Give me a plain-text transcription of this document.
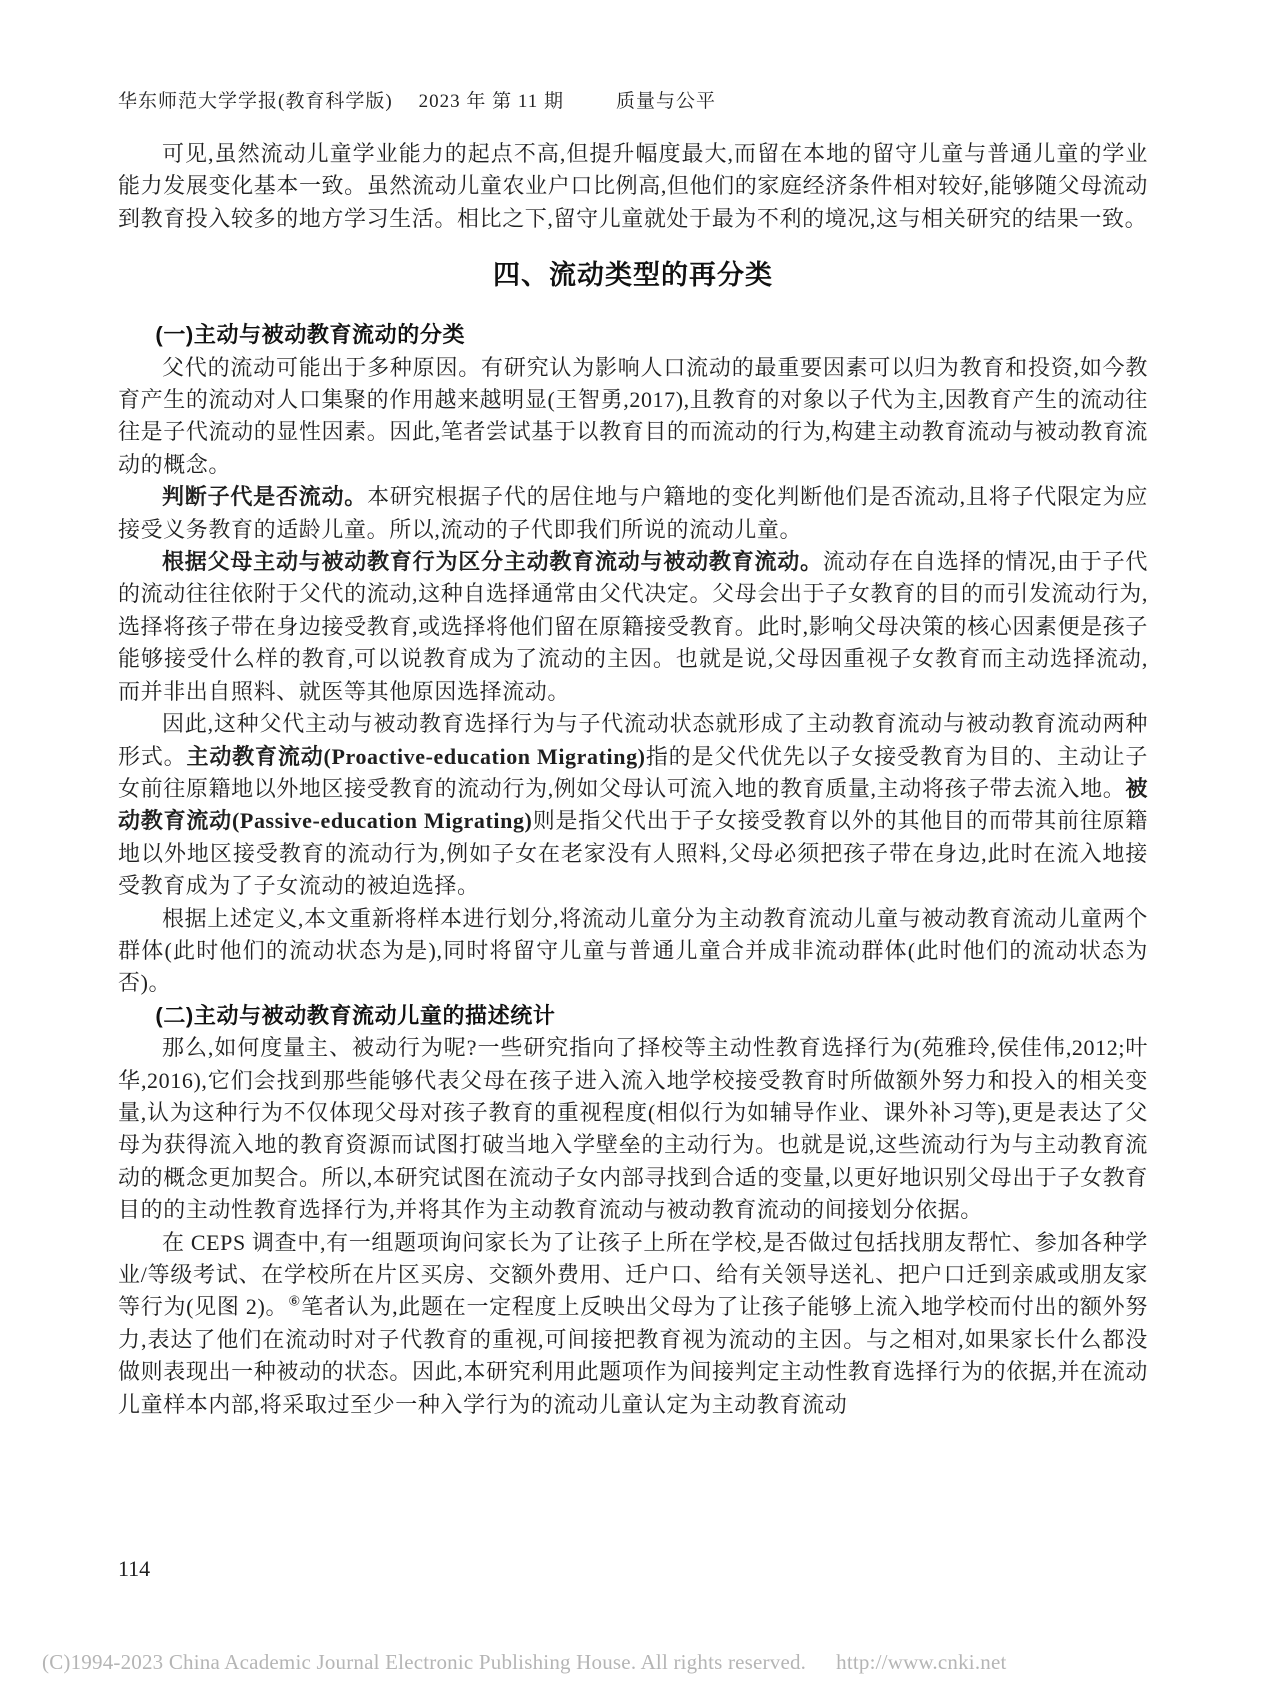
华东师范大学学报(教育科学版) 2023 年 第 11 期	质量与公平

可见,虽然流动儿童学业能力的起点不高,但提升幅度最大,而留在本地的留守儿童与普通儿童的学业能力发展变化基本一致。虽然流动儿童农业户口比例高,但他们的家庭经济条件相对较好,能够随父母流动到教育投入较多的地方学习生活。相比之下,留守儿童就处于最为不利的境况,这与相关研究的结果一致。

四、流动类型的再分类
(一)主动与被动教育流动的分类

父代的流动可能出于多种原因。有研究认为影响人口流动的最重要因素可以归为教育和投资,如今教育产生的流动对人口集聚的作用越来越明显(王智勇,2017),且教育的对象以子代为主,因教育产生的流动往往是子代流动的显性因素。因此,笔者尝试基于以教育目的而流动的行为,构建主动教育流动与被动教育流动的概念。

判断子代是否流动。本研究根据子代的居住地与户籍地的变化判断他们是否流动,且将子代限定为应接受义务教育的适龄儿童。所以,流动的子代即我们所说的流动儿童。

根据父母主动与被动教育行为区分主动教育流动与被动教育流动。流动存在自选择的情况,由于子代的流动往往依附于父代的流动,这种自选择通常由父代决定。父母会出于子女教育的目的而引发流动行为,选择将孩子带在身边接受教育,或选择将他们留在原籍接受教育。此时,影响父母决策的核心因素便是孩子能够接受什么样的教育,可以说教育成为了流动的主因。也就是说,父母因重视子女教育而主动选择流动,而并非出自照料、就医等其他原因选择流动。

因此,这种父代主动与被动教育选择行为与子代流动状态就形成了主动教育流动与被动教育流动两种形式。主动教育流动(Proactive-education Migrating)指的是父代优先以子女接受教育为目的、主动让子女前往原籍地以外地区接受教育的流动行为,例如父母认可流入地的教育质量,主动将孩子带去流入地。被动教育流动(Passive-education Migrating)则是指父代出于子女接受教育以外的其他目的而带其前往原籍地以外地区接受教育的流动行为,例如子女在老家没有人照料,父母必须把孩子带在身边,此时在流入地接受教育成为了子女流动的被迫选择。

根据上述定义,本文重新将样本进行划分,将流动儿童分为主动教育流动儿童与被动教育流动儿童两个群体(此时他们的流动状态为是),同时将留守儿童与普通儿童合并成非流动群体(此时他们的流动状态为否)。

(二)主动与被动教育流动儿童的描述统计

那么,如何度量主、被动行为呢?一些研究指向了择校等主动性教育选择行为(苑雅玲,侯佳伟,2012;叶华,2016),它们会找到那些能够代表父母在孩子进入流入地学校接受教育时所做额外努力和投入的相关变量,认为这种行为不仅体现父母对孩子教育的重视程度(相似行为如辅导作业、课外补习等),更是表达了父母为获得流入地的教育资源而试图打破当地入学壁垒的主动行为。也就是说,这些流动行为与主动教育流动的概念更加契合。所以,本研究试图在流动子女内部寻找到合适的变量,以更好地识别父母出于子女教育目的的主动性教育选择行为,并将其作为主动教育流动与被动教育流动的间接划分依据。

在 CEPS 调查中,有一组题项询问家长为了让孩子上所在学校,是否做过包括找朋友帮忙、参加各种学业/等级考试、在学校所在片区买房、交额外费用、迁户口、给有关领导送礼、把户口迁到亲戚或朋友家等行为(见图 2)。⑥笔者认为,此题在一定程度上反映出父母为了让孩子能够上流入地学校而付出的额外努力,表达了他们在流动时对子代教育的重视,可间接把教育视为流动的主因。与之相对,如果家长什么都没做则表现出一种被动的状态。因此,本研究利用此题项作为间接判定主动性教育选择行为的依据,并在流动儿童样本内部,将采取过至少一种入学行为的流动儿童认定为主动教育流动

114
(C)1994-2023 China Academic Journal Electronic Publishing House. All rights reserved. http://www.cnki.net
